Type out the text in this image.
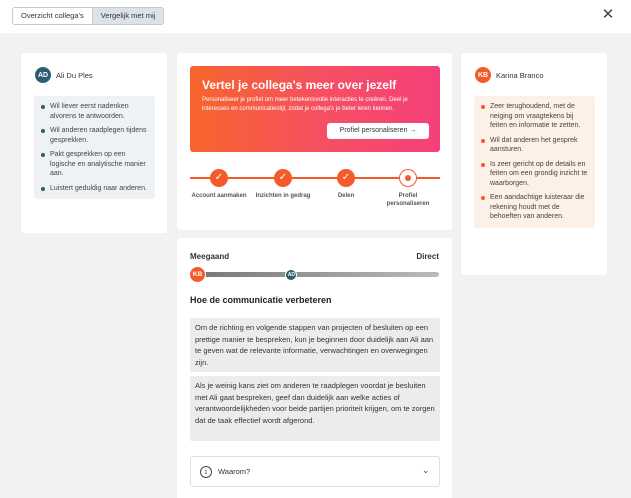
Overzicht collega's	Vergelijk met mij	✕
AD	Ali Du Ples
Wil liever eerst nadenken alvorens te antwoorden.
Wil anderen raadplegen tijdens gesprekken.
Pakt gesprekken op een logische en analytische manier aan.
Luistert geduldig naar anderen.
KB	Karina Branco
Zeer terughoudend, met de neiging om vraagtekens bij feiten en informatie te zetten.
Wil dat anderen het gesprek aansturen.
Is zeer gericht op de details en feiten om een grondig inzicht te waarborgen.
Een aandachtige luisteraar die rekening houdt met de behoeften van anderen.
Vertel je collega's meer over jezelf
Personaliseer je profiel om meer betekenisvolle interacties te creëren. Deel je interesses en communicatiestijl, zodat je collega's je beter leren kennen.
Profiel personaliseren →
✓	✓	✓
Account aanmaken	Inzichten in gedrag	Delen	Profiel personaliseren
Meegaand	Direct
KB	AD
Hoe de communicatie verbeteren
Om de richting en volgende stappen van projecten of besluiten op een prettige manier te bespreken, kun je beginnen door duidelijk aan Ali aan te geven wat de relevante informatie, verwachtingen en overwegingen zijn.
Als je weinig kans ziet om anderen te raadplegen voordat je besluiten met Ali gaat bespreken, geef dan duidelijk aan welke acties of verantwoordelijkheden voor beide partijen prioriteit krijgen, om te zorgen dat de taak effectief wordt afgerond.
i	Waarom?	⌄
